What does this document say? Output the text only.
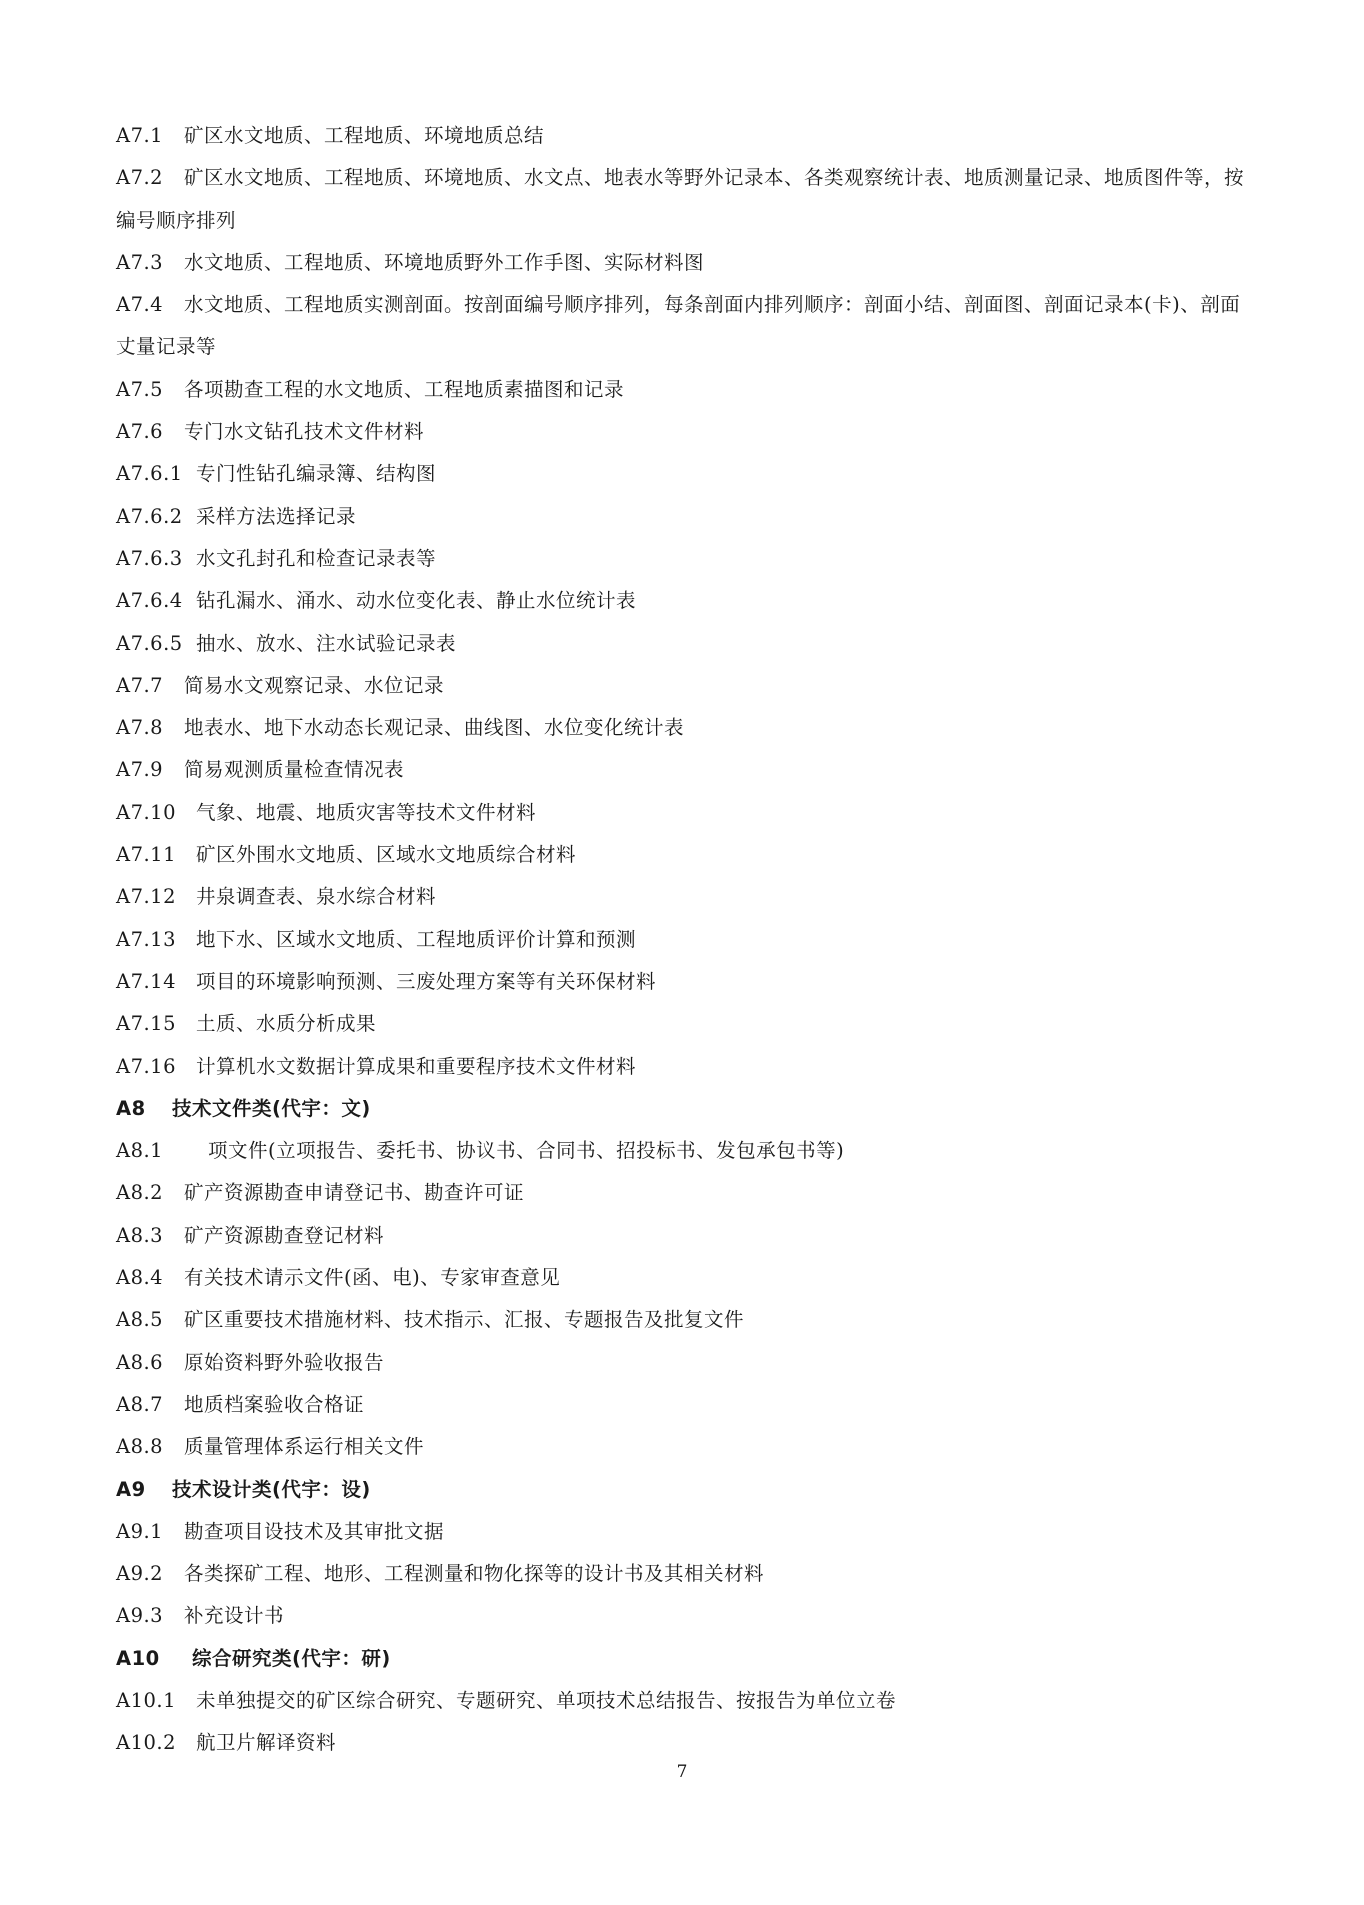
A7.1 矿区水文地质、工程地质、环境地质总结
A7.2 矿区水文地质、工程地质、环境地质、水文点、地表水等野外记录本、各类观察统计表、地质测量记录、地质图件等，按编号顺序排列
A7.3 水文地质、工程地质、环境地质野外工作手图、实际材料图
A7.4 水文地质、工程地质实测剖面。按剖面编号顺序排列，每条剖面内排列顺序：剖面小结、剖面图、剖面记录本(卡)、剖面丈量记录等
A7.5 各项勘查工程的水文地质、工程地质素描图和记录
A7.6 专门水文钻孔技术文件材料
A7.6.1 专门性钻孔编录簿、结构图
A7.6.2 采样方法选择记录
A7.6.3 水文孔封孔和检查记录表等
A7.6.4 钻孔漏水、涌水、动水位变化表、静止水位统计表
A7.6.5 抽水、放水、注水试验记录表
A7.7 简易水文观察记录、水位记录
A7.8 地表水、地下水动态长观记录、曲线图、水位变化统计表
A7.9 简易观测质量检查情况表
A7.10 气象、地震、地质灾害等技术文件材料
A7.11 矿区外围水文地质、区域水文地质综合材料
A7.12 井泉调查表、泉水综合材料
A7.13 地下水、区域水文地质、工程地质评价计算和预测
A7.14 项目的环境影响预测、三废处理方案等有关环保材料
A7.15 土质、水质分析成果
A7.16 计算机水文数据计算成果和重要程序技术文件材料
A8 技术文件类(代宇：文)
A8.1 项文件(立项报告、委托书、协议书、合同书、招投标书、发包承包书等)
A8.2 矿产资源勘查申请登记书、勘查许可证
A8.3 矿产资源勘查登记材料
A8.4 有关技术请示文件(函、电)、专家审查意见
A8.5 矿区重要技术措施材料、技术指示、汇报、专题报告及批复文件
A8.6 原始资料野外验收报告
A8.7 地质档案验收合格证
A8.8 质量管理体系运行相关文件
A9 技术设计类(代宇：设)
A9.1 勘查项目设技术及其审批文据
A9.2 各类探矿工程、地形、工程测量和物化探等的设计书及其相关材料
A9.3 补充设计书
A10 综合研究类(代宇：研)
A10.1 未单独提交的矿区综合研究、专题研究、单项技术总结报告、按报告为单位立卷
A10.2 航卫片解译资料
7
